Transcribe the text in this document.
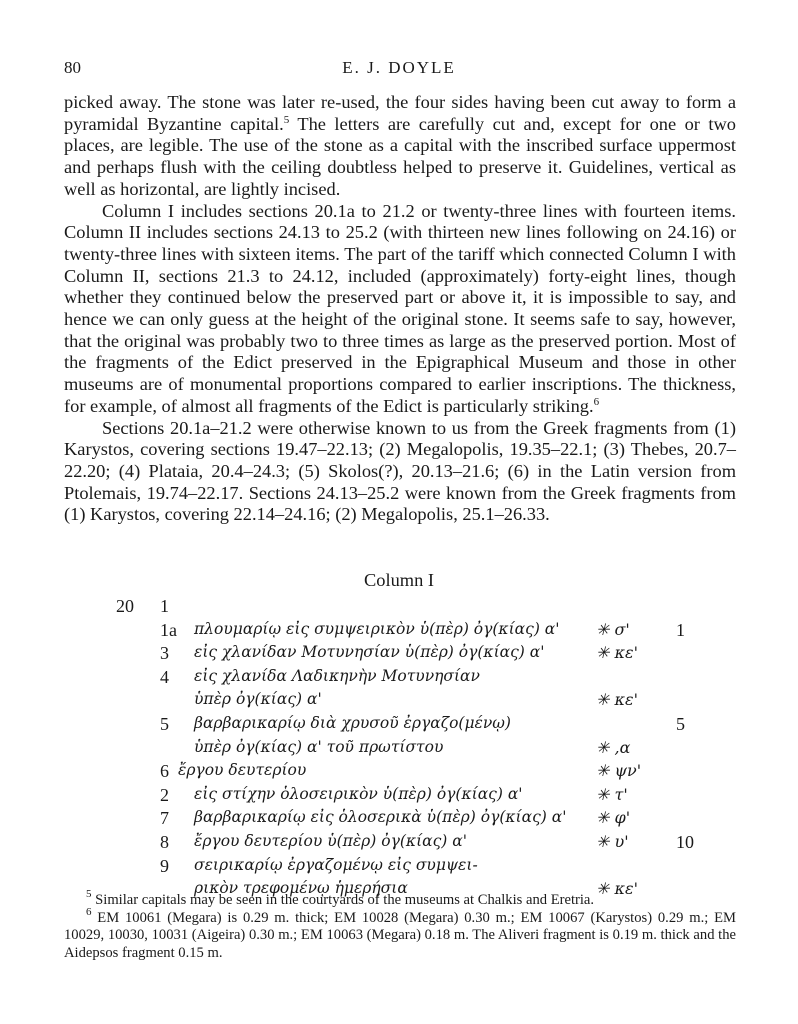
80	E. J. DOYLE

picked away. The stone was later re-used, the four sides having been cut away to form a pyramidal Byzantine capital.$^5$ The letters are carefully cut and, except for one or two places, are legible. The use of the stone as a capital with the inscribed surface uppermost and perhaps flush with the ceiling doubtless helped to preserve it. Guidelines, vertical as well as horizontal, are lightly incised.

Column I includes sections 20.1a to 21.2 or twenty-three lines with fourteen items. Column II includes sections 24.13 to 25.2 (with thirteen new lines following on 24.16) or twenty-three lines with sixteen items. The part of the tariff which connected Column I with Column II, sections 21.3 to 24.12, included (approximately) forty-eight lines, though whether they continued below the preserved part or above it, it is impossible to say, and hence we can only guess at the height of the original stone. It seems safe to say, however, that the original was probably two to three times as large as the preserved portion. Most of the fragments of the Edict preserved in the Epigraphical Museum and those in other museums are of monumental proportions compared to earlier inscriptions. The thickness, for example, of almost all fragments of the Edict is particularly striking.$^6$

Sections 20.1a–21.2 were otherwise known to us from the Greek fragments from (1) Karystos, covering sections 19.47–22.13; (2) Megalopolis, 19.35–22.1; (3) Thebes, 20.7–22.20; (4) Plataia, 20.4–24.3; (5) Skolos(?), 20.13–21.6; (6) in the Latin version from Ptolemais, 19.74–22.17. Sections 24.13–25.2 were known from the Greek fragments from (1) Karystos, covering 22.14–24.16; (2) Megalopolis, 25.1–26.33.

Column I
20 1
1a πλουμαρίῳ εἰς συμψειρικὸν ὑ(πὲρ) ὀγ(κίας) α' ✳ σ'	1
3 εἰς χλανίδαν Μοτυνησίαν ὑ(πὲρ) ὀγ(κίας) α'	✳ κε'
4 εἰς χλανίδα Λαδικηνὴν Μοτυνησίαν
ὑπὲρ ὀγ(κίας) α'	✳ κε'
5 βαρβαρικαρίῳ διὰ χρυσοῦ ἐργαζο(μένῳ)	5
ὑπὲρ ὀγ(κίας) α' τοῦ πρωτίστου	✳ ,α
6 ἔργου δευτερίου	✳ ψν'
2 εἰς στίχην ὁλοσειρικὸν ὑ(πὲρ) ὀγ(κίας) α'	✳ τ'
7 βαρβαρικαρίῳ εἰς ὁλοσερικὰ ὑ(πὲρ) ὀγ(κίας) α' ✳ φ'
8 ἔργου δευτερίου ὑ(πὲρ) ὀγ(κίας) α'	✳ υ'	10
9 σειρικαρίῳ ἐργαζομένῳ εἰς συμψει-
ρικὸν τρεφομένῳ ἡμερήσια	✳ κε'

$^5$ Similar capitals may be seen in the courtyards of the museums at Chalkis and Eretria.

$^6$ EM 10061 (Megara) is 0.29 m. thick; EM 10028 (Megara) 0.30 m.; EM 10067 (Karystos) 0.29 m.; EM 10029, 10030, 10031 (Aigeira) 0.30 m.; EM 10063 (Megara) 0.18 m. The Aliveri fragment is 0.19 m. thick and the Aidepsos fragment 0.15 m.
